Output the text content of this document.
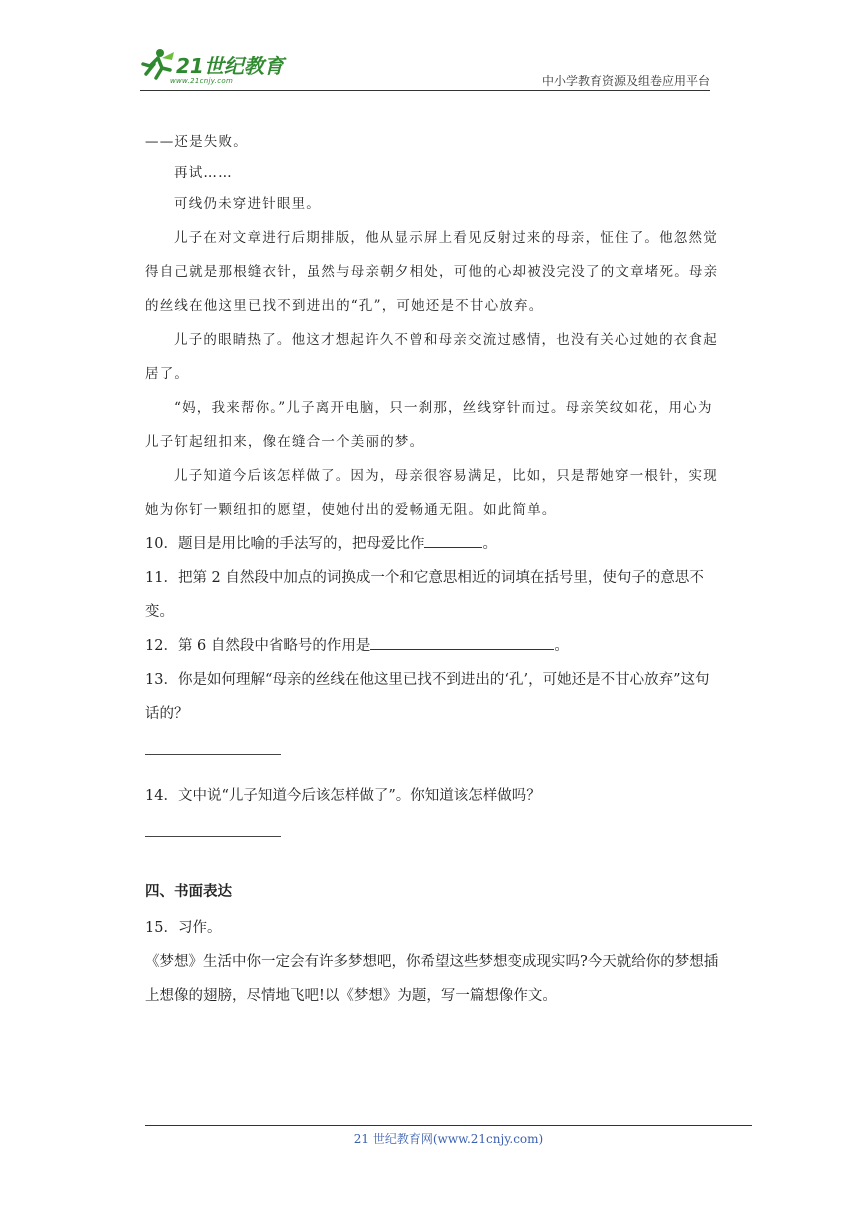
21世纪教育
www.21cnjy.com	中小学教育资源及组卷应用平台

——还是失败。

再试……

可线仍未穿进针眼里。

儿子在对文章进行后期排版，他从显示屏上看见反射过来的母亲，怔住了。他忽然觉得自己就是那根缝衣针，虽然与母亲朝夕相处，可他的心却被没完没了的文章堵死。母亲的丝线在他这里已找不到进出的“孔”，可她还是不甘心放弃。

儿子的眼睛热了。他这才想起许久不曾和母亲交流过感情，也没有关心过她的衣食起居了。

“妈，我来帮你。”儿子离开电脑，只一刹那，丝线穿针而过。母亲笑纹如花，用心为儿子钉起纽扣来，像在缝合一个美丽的梦。

儿子知道今后该怎样做了。因为，母亲很容易满足，比如，只是帮她穿一根针，实现她为你钉一颗纽扣的愿望，使她付出的爱畅通无阻。如此简单。

10．题目是用比喻的手法写的，把母爱比作	。

11．把第 2 自然段中加点的词换成一个和它意思相近的词填在括号里，使句子的意思不变。

12．第 6 自然段中省略号的作用是	。

13．你是如何理解“母亲的丝线在他这里已找不到进出的‘孔’，可她还是不甘心放弃”这句话的？

14．文中说“儿子知道今后该怎样做了”。你知道该怎样做吗？

四、书面表达

15．习作。

《梦想》生活中你一定会有许多梦想吧，你希望这些梦想变成现实吗?今天就给你的梦想插上想像的翅膀，尽情地飞吧!以《梦想》为题，写一篇想像作文。

21 世纪教育网(www.21cnjy.com)
